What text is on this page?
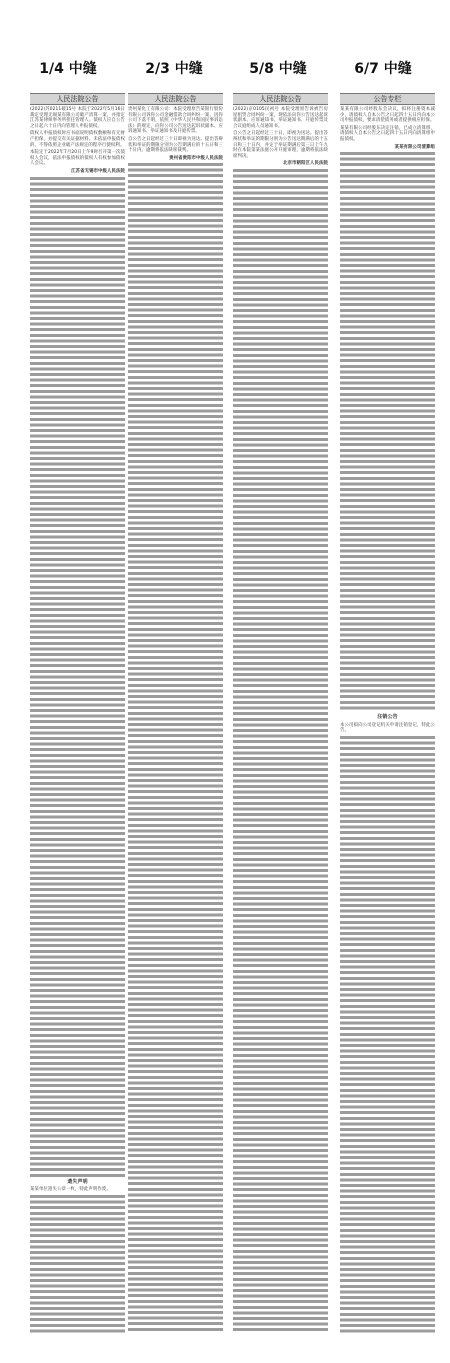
1/4 中缝	2/3 中缝	5/8 中缝	6/7 中缝
人民法院公告

(2022)苏0211破15号 本院于2022年5月16日裁定受理无锡某有限公司破产清算一案，并指定江苏某律师事务所担任管理人。债权人应自公告之日起六十日内向管理人申报债权。

债权人申报债权时应书面说明债权数额和有无财产担保，并提交有关证据材料。未依法申报债权的，不得依照企业破产法规定的程序行使权利。

本院定于2022年7月20日上午9时召开第一次债权人会议，依法申报债权的债权人有权参加债权人会议。

江苏省无锡市中级人民法院
遗失声明

某某单位遗失公章一枚，特此声明作废。

人民法院公告

贵州某化工有限公司：本院受理原告某银行股份有限公司诉你公司金融借款合同纠纷一案，因你公司下落不明，依照《中华人民共和国民事诉讼法》的规定，向你公司公告送达起诉状副本、应诉通知书、举证通知书及开庭传票。

自公告之日起经过三十日即视为送达。提出答辩状和举证的期限分别为公告期满后的十五日和三十日内。逾期将依法缺席裁判。

贵州省贵阳市中级人民法院
人民法院公告

(2022)京0105民初号 本院受理原告诉被告房屋租赁合同纠纷一案，现依法向你公告送达起诉状副本、应诉通知书、举证通知书、开庭传票及合议庭组成人员通知书。

自公告之日起经过三十日，即视为送达。提出答辩状和举证的期限分别为公告送达期满后的十五日和三十日内，并定于举证期满后第三日上午九时在本院第某法庭公开开庭审理，逾期将依法缺席判决。

北京市朝阳区人民法院
公告专栏

某某有限公司经股东会决议，拟将注册资本减少，请债权人自本公告之日起四十五日内向本公司申报债权，要求清偿债务或者提供相应担保。

某某有限公司经股东决定注销，已成立清算组，请债权人自本公告之日起四十五日内向清算组申报债权。

某某有限公司清算组
注销公告

本公司拟向公司登记机关申请注销登记，特此公告。
